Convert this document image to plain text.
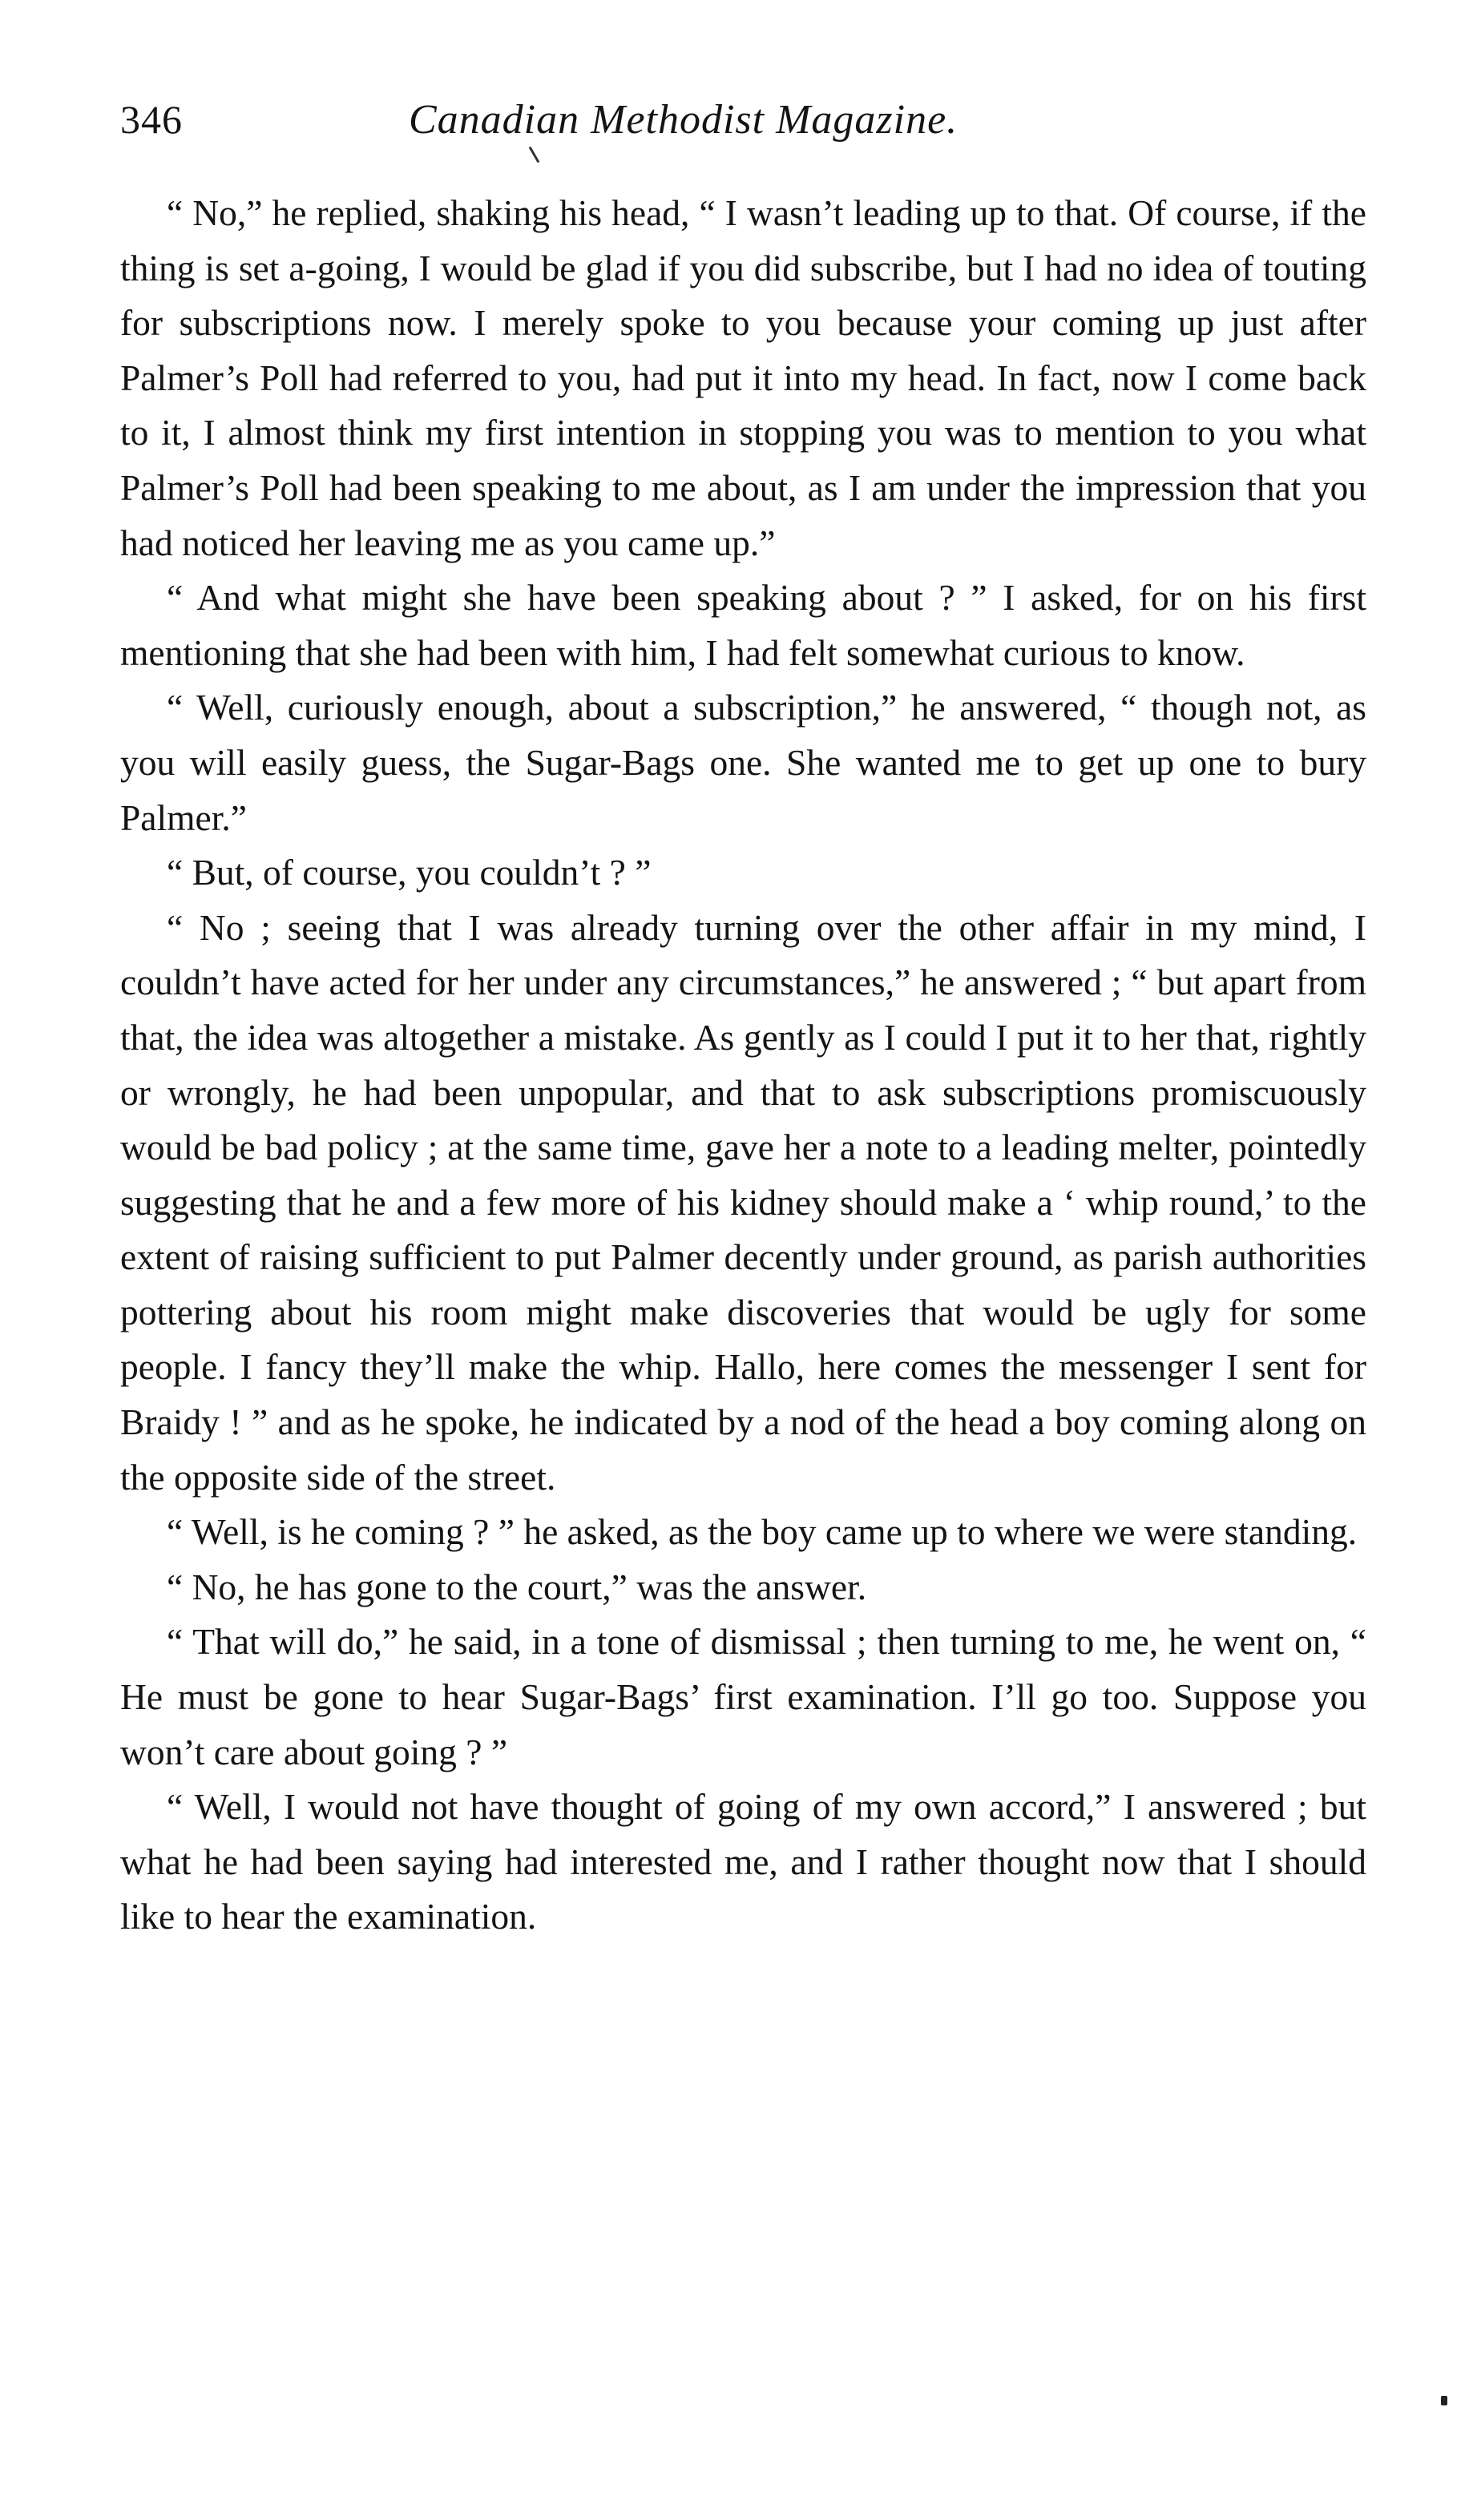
346	Canadian Methodist Magazine.

“ No,” he replied, shaking his head, “ I wasn’t leading up to that. Of course, if the thing is set a-going, I would be glad if you did subscribe, but I had no idea of touting for subscriptions now. I merely spoke to you because your coming up just after Palmer’s Poll had referred to you, had put it into my head. In fact, now I come back to it, I almost think my first intention in stopping you was to mention to you what Palmer’s Poll had been speaking to me about, as I am under the impression that you had noticed her leaving me as you came up.”

“ And what might she have been speaking about ? ” I asked, for on his first mentioning that she had been with him, I had felt somewhat curious to know.

“ Well, curiously enough, about a subscription,” he answered, “ though not, as you will easily guess, the Sugar-Bags one. She wanted me to get up one to bury Palmer.”

“ But, of course, you couldn’t ? ”

“ No ; seeing that I was already turning over the other affair in my mind, I couldn’t have acted for her under any circumstances,” he answered ; “ but apart from that, the idea was altogether a mistake. As gently as I could I put it to her that, rightly or wrongly, he had been unpopular, and that to ask subscriptions promiscuously would be bad policy ; at the same time, gave her a note to a leading melter, pointedly suggesting that he and a few more of his kidney should make a ‘ whip round,’ to the extent of raising sufficient to put Palmer decently under ground, as parish authorities pottering about his room might make discoveries that would be ugly for some people. I fancy they’ll make the whip. Hallo, here comes the messenger I sent for Braidy ! ” and as he spoke, he indicated by a nod of the head a boy coming along on the opposite side of the street.

“ Well, is he coming ? ” he asked, as the boy came up to where we were standing.

“ No, he has gone to the court,” was the answer.

“ That will do,” he said, in a tone of dismissal ; then turning to me, he went on, “ He must be gone to hear Sugar-Bags’ first examination. I’ll go too. Suppose you won’t care about going ? ”

“ Well, I would not have thought of going of my own accord,” I answered ; but what he had been saying had interested me, and I rather thought now that I should like to hear the examination.
